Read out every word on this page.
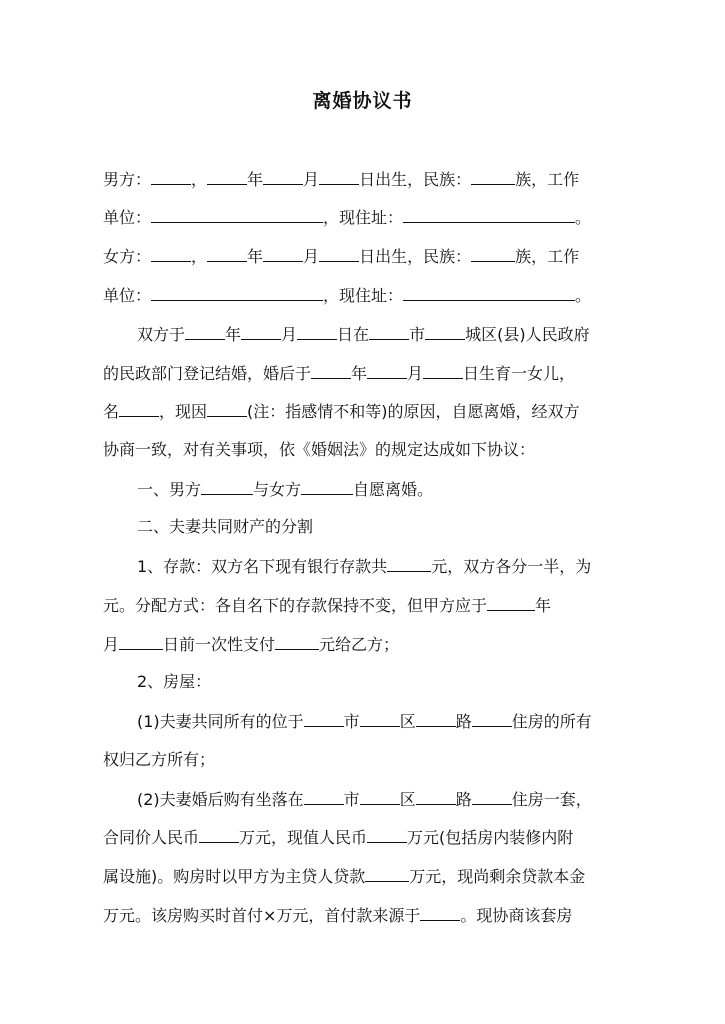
离婚协议书
男方：	，	年	月	日出生，民族：	族，工作
单位：	，现住址：	。
女方：	，	年	月	日出生，民族：	族，工作
单位：	，现住址：	。
双方于	年	月	日在	市	城区(县)人民政府
的民政部门登记结婚，婚后于	年	月	日生育一女儿，
名	，现因	(注：指感情不和等)的原因，自愿离婚，经双方
协商一致，对有关事项，依《婚姻法》的规定达成如下协议：
一、男方	与女方	自愿离婚。
二、夫妻共同财产的分割
1、存款：双方名下现有银行存款共	元，双方各分一半，为
元。分配方式：各自名下的存款保持不变，但甲方应于	年
月	日前一次性支付	元给乙方；
2、房屋：
(1)夫妻共同所有的位于	市	区	路	住房的所有
权归乙方所有；
(2)夫妻婚后购有坐落在	市	区	路	住房一套，
合同价人民币	万元，现值人民币	万元(包括房内装修内附
属设施)。购房时以甲方为主贷人贷款	万元，现尚剩余贷款本金
万元。该房购买时首付×万元，首付款来源于	。现协商该套房
